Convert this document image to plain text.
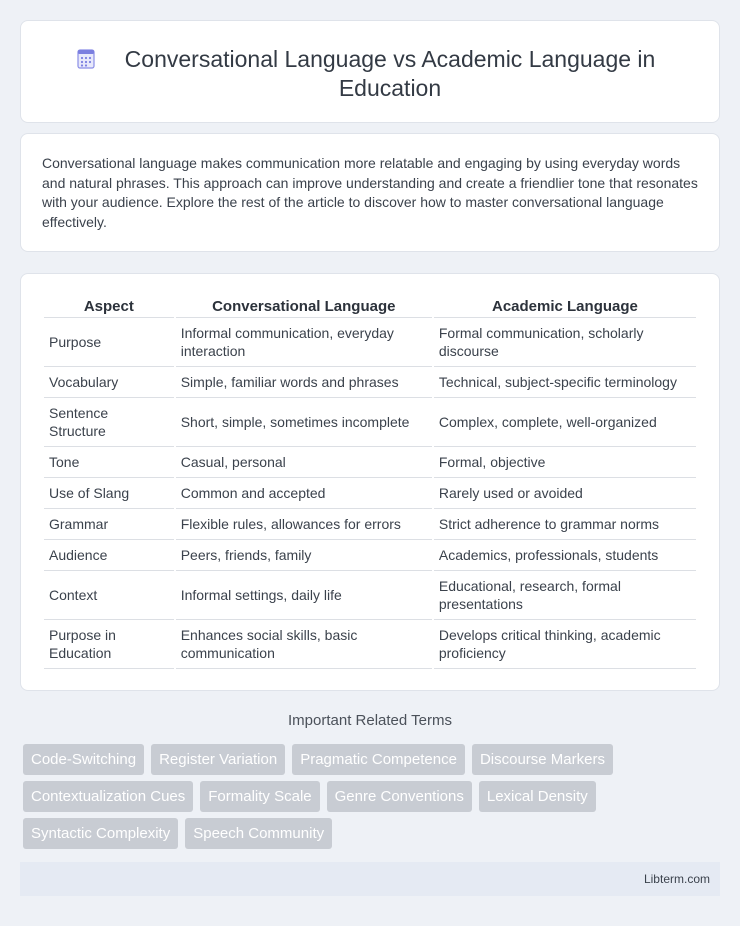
Conversational Language vs Academic Language in Education

Conversational language makes communication more relatable and engaging by using everyday words and natural phrases. This approach can improve understanding and create a friendlier tone that resonates with your audience. Explore the rest of the article to discover how to master conversational language effectively.

Aspect	Conversational Language	Academic Language
Purpose	Informal communication, everyday interaction	Formal communication, scholarly discourse
Vocabulary	Simple, familiar words and phrases	Technical, subject-specific terminology
Sentence Structure	Short, simple, sometimes incomplete	Complex, complete, well-organized
Tone	Casual, personal	Formal, objective
Use of Slang	Common and accepted	Rarely used or avoided
Grammar	Flexible rules, allowances for errors	Strict adherence to grammar norms
Audience	Peers, friends, family	Academics, professionals, students
Context	Informal settings, daily life	Educational, research, formal presentations
Purpose in Education	Enhances social skills, basic communication	Develops critical thinking, academic proficiency
Important Related Terms
Code-Switching	Register Variation	Pragmatic Competence	Discourse Markers
Contextualization Cues	Formality Scale	Genre Conventions	Lexical Density
Syntactic Complexity	Speech Community
Libterm.com
